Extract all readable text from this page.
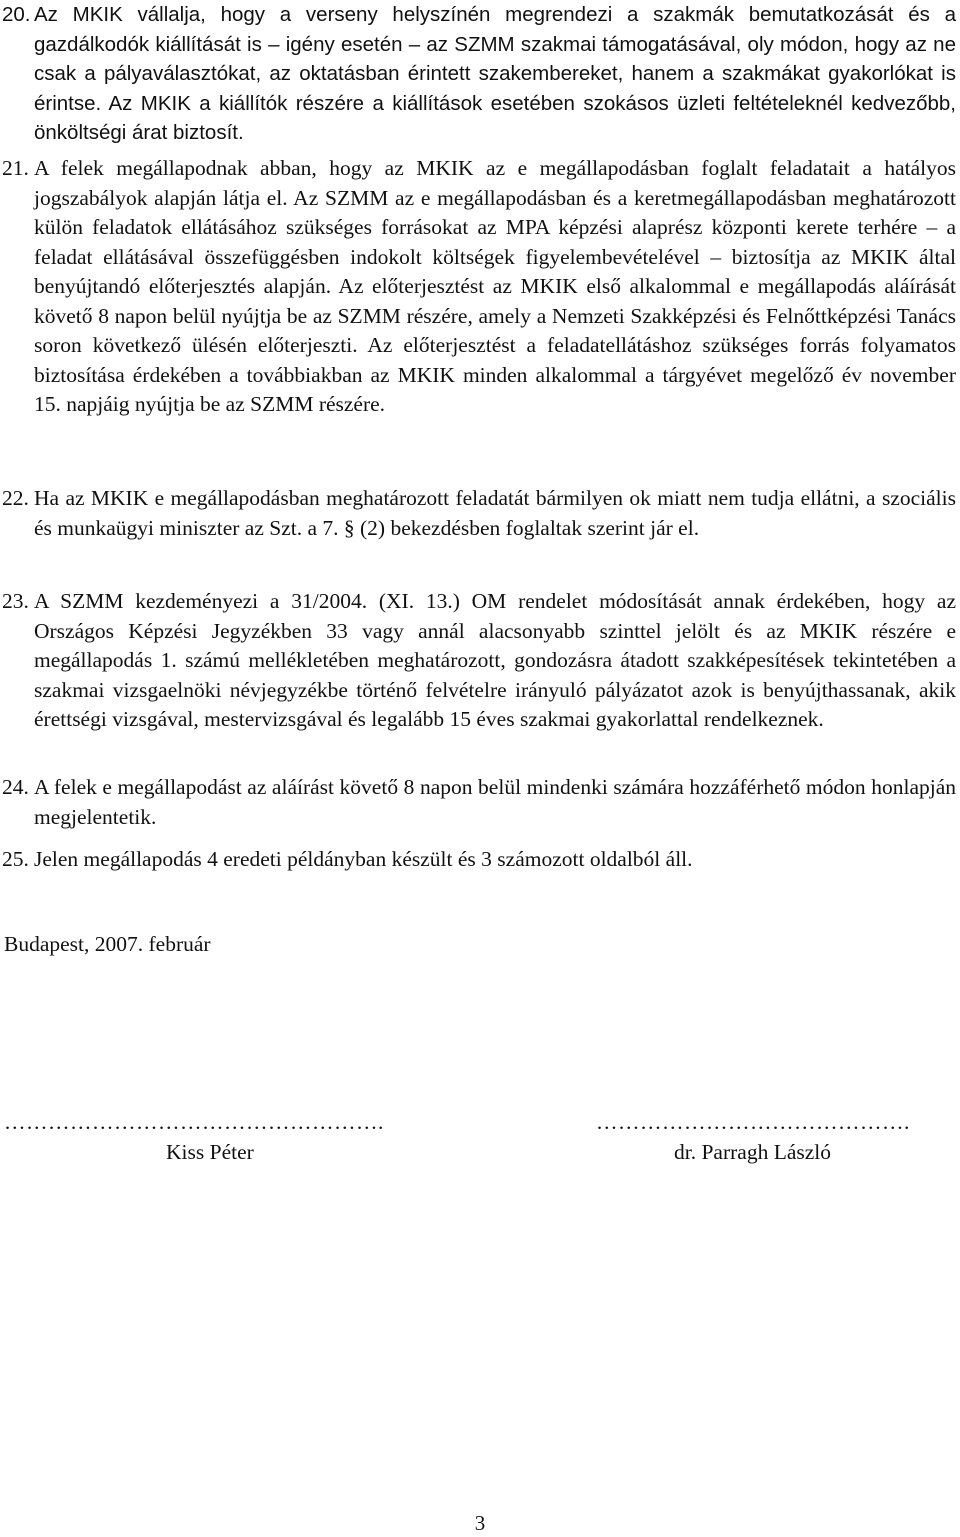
20. Az MKIK vállalja, hogy a verseny helyszínén megrendezi a szakmák bemutatkozását és a gazdálkodók kiállítását is – igény esetén – az SZMM szakmai támogatásával, oly módon, hogy az ne csak a pályaválasztókat, az oktatásban érintett szakembereket, hanem a szakmákat gyakorlókat is érintse. Az MKIK a kiállítók részére a kiállítások esetében szokásos üzleti feltételeknél kedvezőbb, önköltségi árat biztosít.

21. A felek megállapodnak abban, hogy az MKIK az e megállapodásban foglalt feladatait a hatályos jogszabályok alapján látja el. Az SZMM az e megállapodásban és a keretmegállapodásban meghatározott külön feladatok ellátásához szükséges forrásokat az MPA képzési alaprész központi kerete terhére – a feladat ellátásával összefüggésben indokolt költségek figyelembevételével – biztosítja az MKIK által benyújtandó előterjesztés alapján. Az előterjesztést az MKIK első alkalommal e megállapodás aláírását követő 8 napon belül nyújtja be az SZMM részére, amely a Nemzeti Szakképzési és Felnőttképzési Tanács soron következő ülésén előterjeszti. Az előterjesztést a feladatellátáshoz szükséges forrás folyamatos biztosítása érdekében a továbbiakban az MKIK minden alkalommal a tárgyévet megelőző év november 15. napjáig nyújtja be az SZMM részére.

22. Ha az MKIK e megállapodásban meghatározott feladatát bármilyen ok miatt nem tudja ellátni, a szociális és munkaügyi miniszter az Szt. a 7. § (2) bekezdésben foglaltak szerint jár el.

23. A SZMM kezdeményezi a 31/2004. (XI. 13.) OM rendelet módosítását annak érdekében, hogy az Országos Képzési Jegyzékben 33 vagy annál alacsonyabb szinttel jelölt és az MKIK részére e megállapodás 1. számú mellékletében meghatározott, gondozásra átadott szakképesítések tekintetében a szakmai vizsgaelnöki névjegyzékbe történő felvételre irányuló pályázatot azok is benyújthassanak, akik érettségi vizsgával, mestervizsgával és legalább 15 éves szakmai gyakorlattal rendelkeznek.

24. A felek e megállapodást az aláírást követő 8 napon belül mindenki számára hozzáférhető módon honlapján megjelentetik.

25. Jelen megállapodás 4 eredeti példányban készült és 3 számozott oldalból áll.

Budapest, 2007. február
…………………………………………….
Kiss Péter
…………………………………….
dr. Parragh László
3
